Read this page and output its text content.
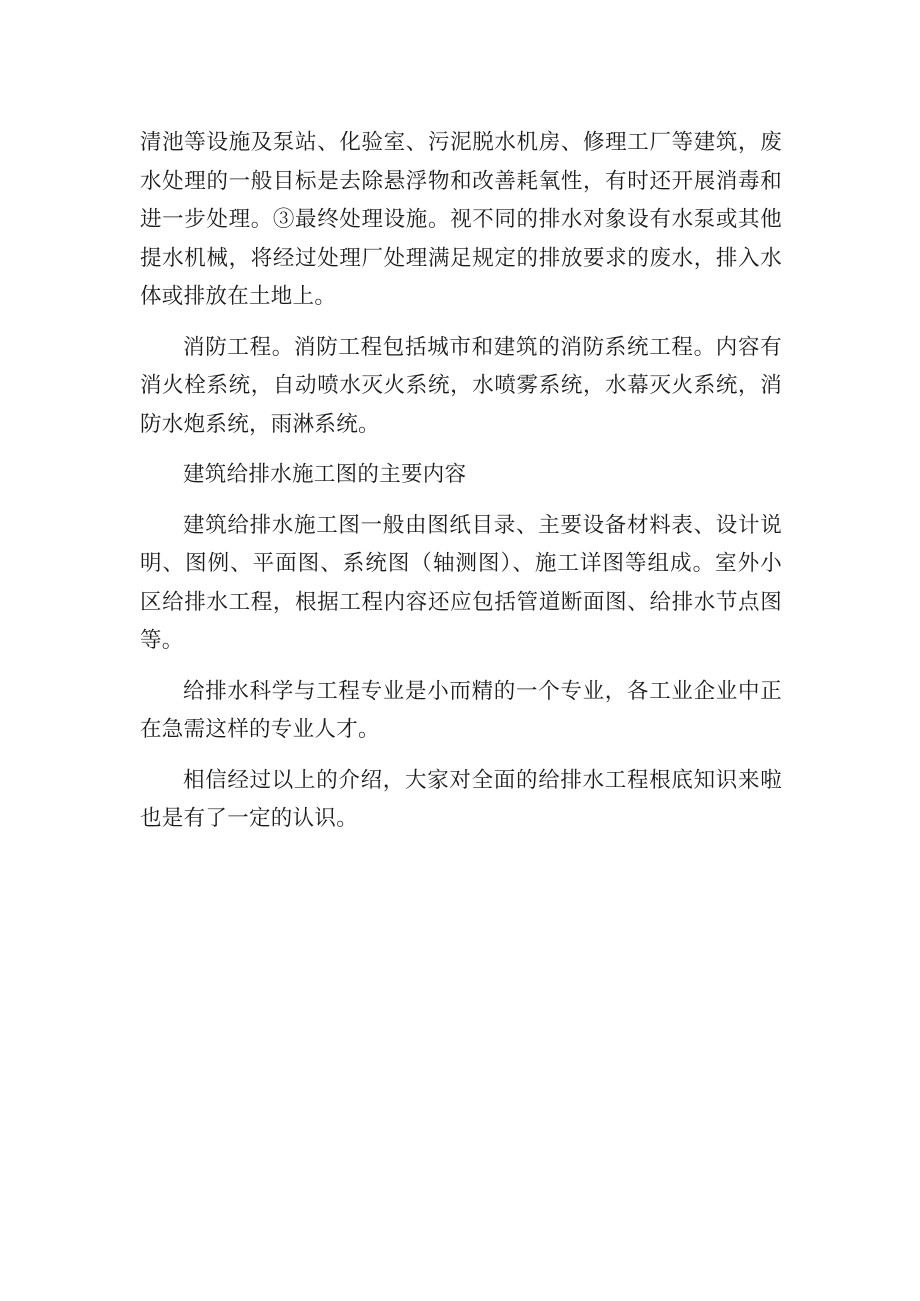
清池等设施及泵站、化验室、污泥脱水机房、修理工厂等建筑，废水处理的一般目标是去除悬浮物和改善耗氧性，有时还开展消毒和进一步处理。③最终处理设施。视不同的排水对象设有水泵或其他提水机械，将经过处理厂处理满足规定的排放要求的废水，排入水体或排放在土地上。

消防工程。消防工程包括城市和建筑的消防系统工程。内容有消火栓系统，自动喷水灭火系统，水喷雾系统，水幕灭火系统，消防水炮系统，雨淋系统。

建筑给排水施工图的主要内容

建筑给排水施工图一般由图纸目录、主要设备材料表、设计说明、图例、平面图、系统图（轴测图）、施工详图等组成。室外小区给排水工程，根据工程内容还应包括管道断面图、给排水节点图等。

给排水科学与工程专业是小而精的一个专业，各工业企业中正在急需这样的专业人才。

相信经过以上的介绍，大家对全面的给排水工程根底知识来啦也是有了一定的认识。
